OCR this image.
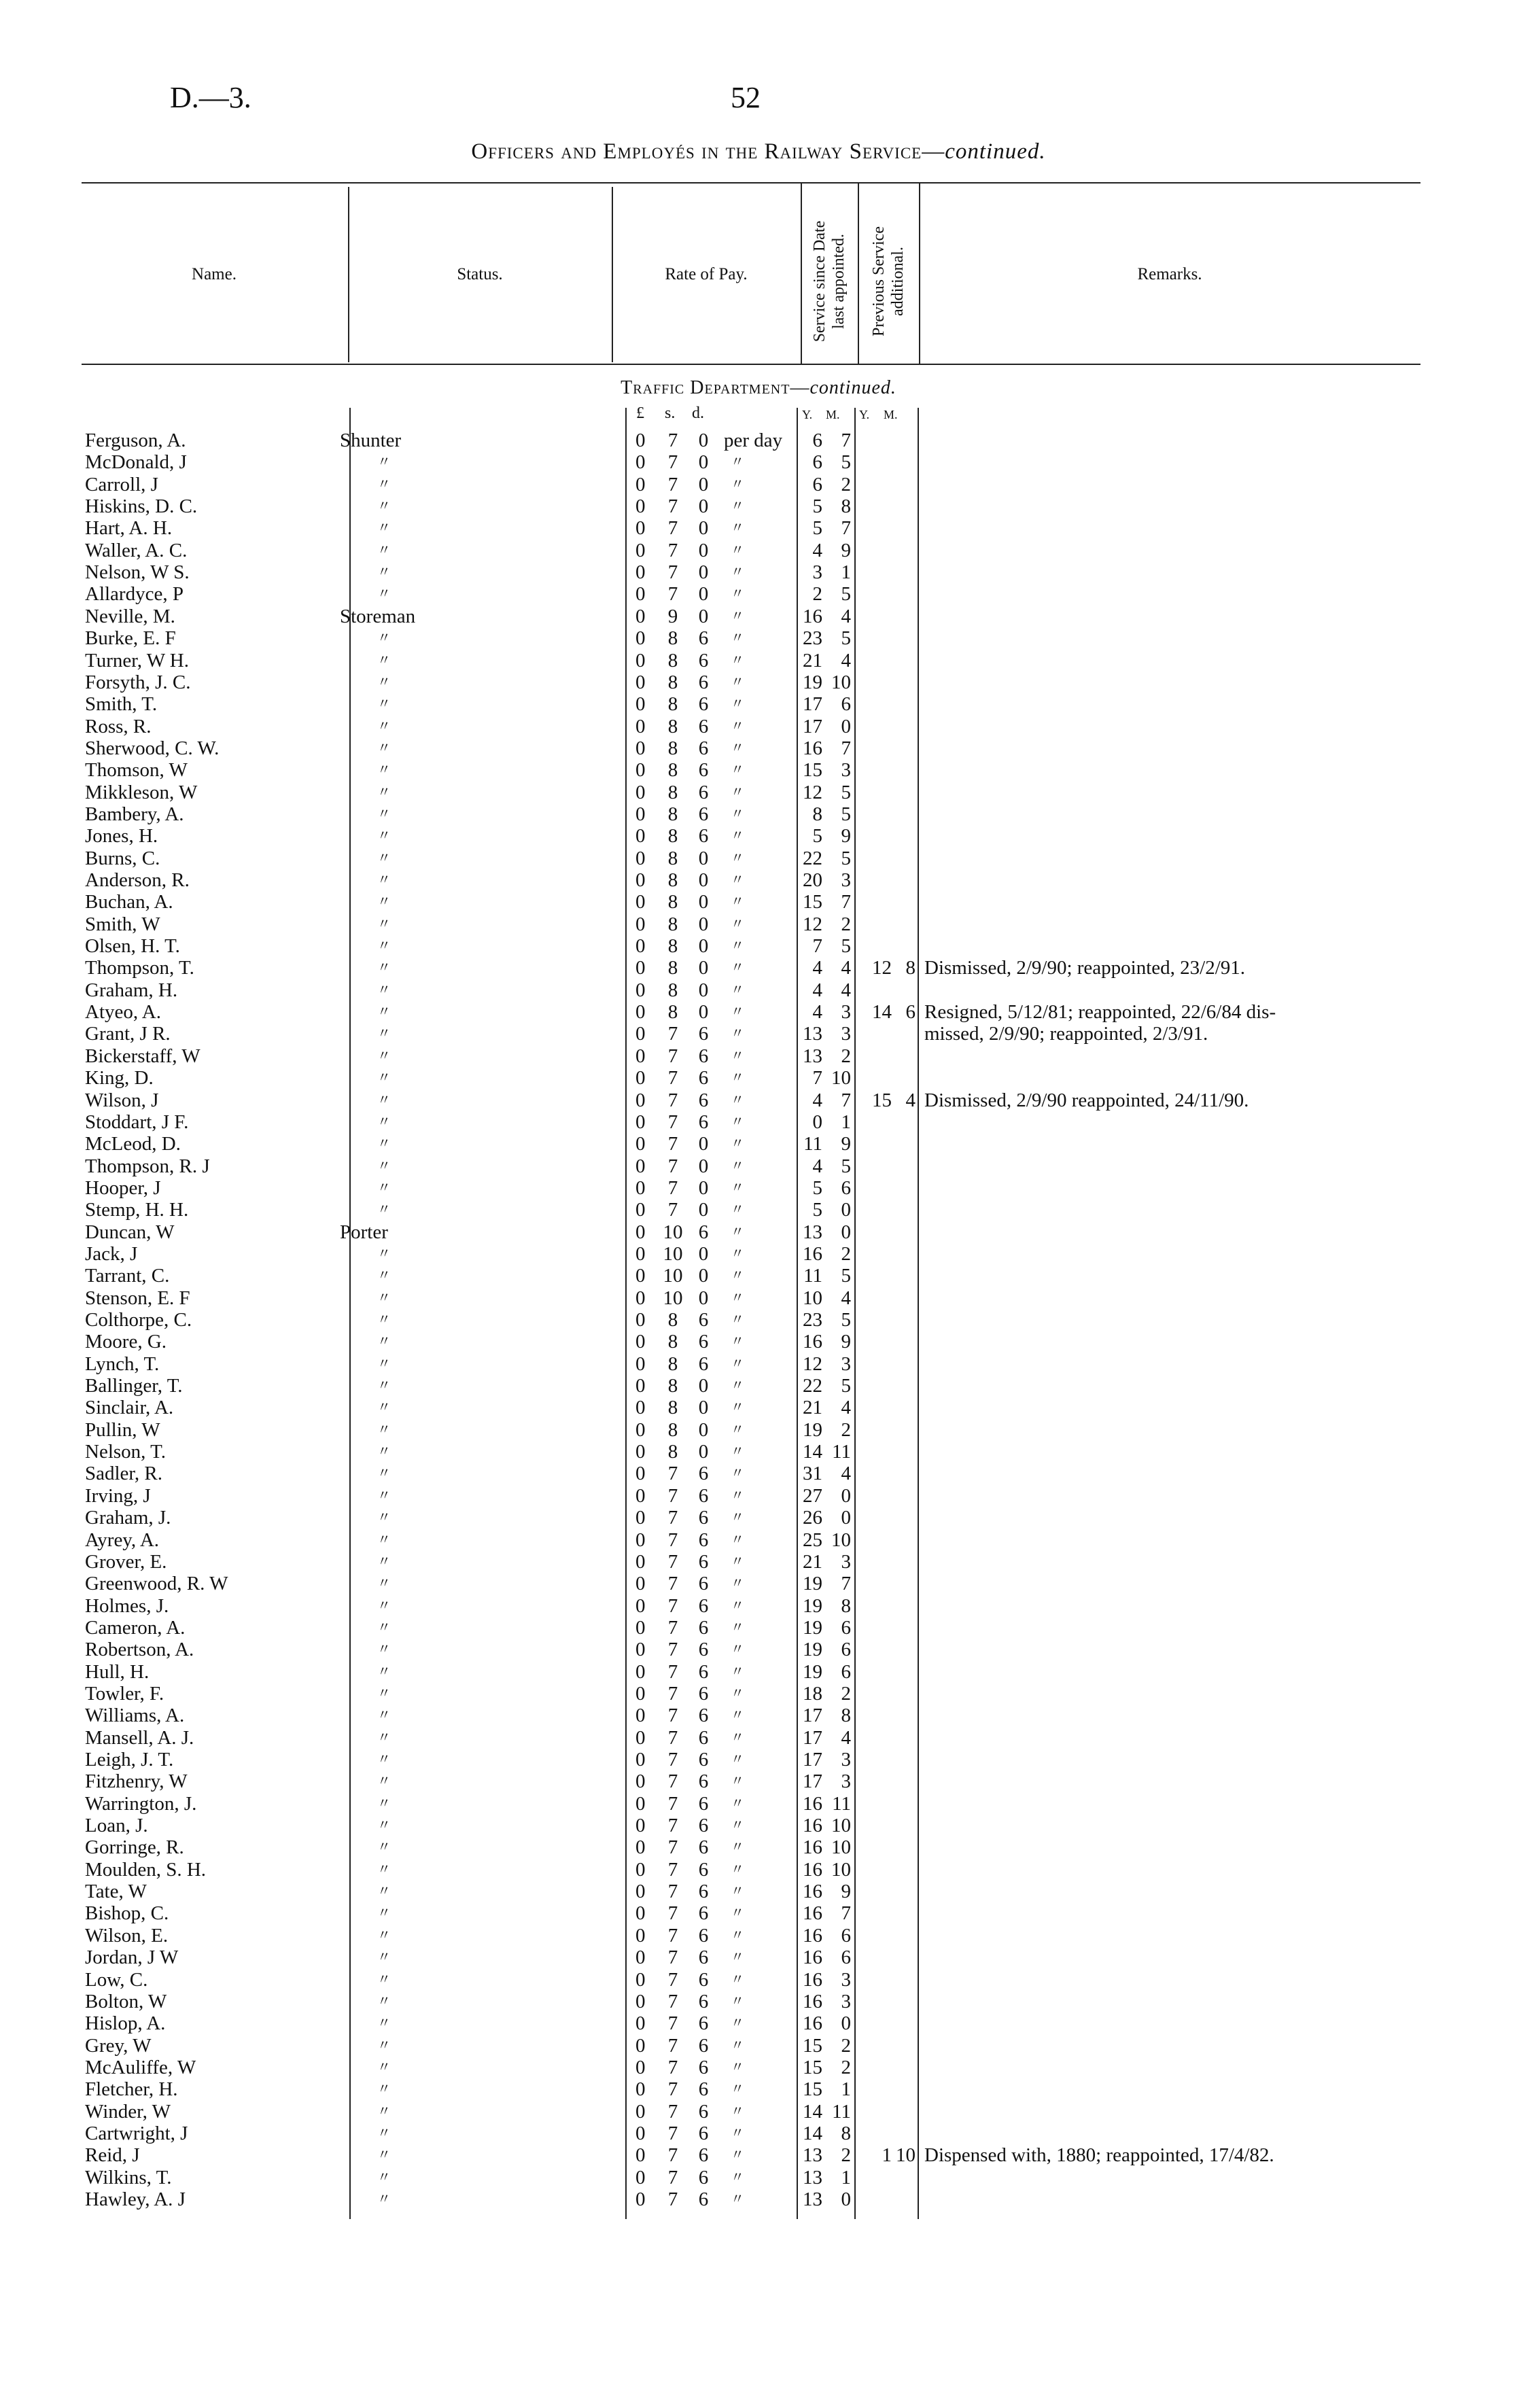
D.—3.	52
Officers and Employés in the Railway Service—continued.
Name.	Status.	Rate of Pay.	Service since Date last appointed. Previous Service additional.	Remarks.
Traffic Department—continued.
£ s. d.	Y. M. Y. M.
Ferguson, A.	Shunter	0 7 0 per day	6 7
McDonald, J	〃	0 7 0	〃	6 5
Carroll, J	〃	0 7 0	〃	6 2
Hiskins, D. C.	〃	0 7 0	〃	5 8
Hart, A. H.	〃	0 7 0	〃	5 7
Waller, A. C.	〃	0 7 0	〃	4 9
Nelson, W S.	〃	0 7 0	〃	3 1
Allardyce, P	〃	0 7 0	〃	2 5
Neville, M.	Storeman	0 9 0	〃	16 4
Burke, E. F	〃	0 8 6	〃	23 5
Turner, W H.	〃	0 8 6	〃	21 4
Forsyth, J. C.	〃	0 8 6	〃	19 10
Smith, T.	〃	0 8 6	〃	17 6
Ross, R.	〃	0 8 6	〃	17 0
Sherwood, C. W.	〃	0 8 6	〃	16 7
Thomson, W	〃	0 8 6	〃	15 3
Mikkleson, W	〃	0 8 6	〃	12 5
Bambery, A.	〃	0 8 6	〃	8 5
Jones, H.	〃	0 8 6	〃	5 9
Burns, C.	〃	0 8 0	〃	22 5
Anderson, R.	〃	0 8 0	〃	20 3
Buchan, A.	〃	0 8 0	〃	15 7
Smith, W	〃	0 8 0	〃	12 2
Olsen, H. T.	〃	0 8 0	〃	7 5
Thompson, T.	〃	0 8 0	〃	4 4	12 8 Dismissed, 2/9/90; reappointed, 23/2/91.
Graham, H.	〃	0 8 0	〃	4 4
Atyeo, A.	〃	0 8 0	〃	4 3	14 6 Resigned, 5/12/81; reappointed, 22/6/84 dis-
Grant, J R.	〃	0 7 6	〃	13 3	missed, 2/9/90; reappointed, 2/3/91.
Bickerstaff, W	〃	0 7 6	〃	13 2
King, D.	〃	0 7 6	〃	7 10
Wilson, J	〃	0 7 6	〃	4 7	15 4 Dismissed, 2/9/90 reappointed, 24/11/90.
Stoddart, J F.	〃	0 7 6	〃	0 1
McLeod, D.	〃	0 7 0	〃	11 9
Thompson, R. J	〃	0 7 0	〃	4 5
Hooper, J	〃	0 7 0	〃	5 6
Stemp, H. H.	〃	0 7 0	〃	5 0
Duncan, W	Porter	0 10 6	〃	13 0
Jack, J	〃	0 10 0	〃	16 2
Tarrant, C.	〃	0 10 0	〃	11 5
Stenson, E. F	〃	0 10 0	〃	10 4
Colthorpe, C.	〃	0 8 6	〃	23 5
Moore, G.	〃	0 8 6	〃	16 9
Lynch, T.	〃	0 8 6	〃	12 3
Ballinger, T.	〃	0 8 0	〃	22 5
Sinclair, A.	〃	0 8 0	〃	21 4
Pullin, W	〃	0 8 0	〃	19 2
Nelson, T.	〃	0 8 0	〃	14 11
Sadler, R.	〃	0 7 6	〃	31 4
Irving, J	〃	0 7 6	〃	27 0
Graham, J.	〃	0 7 6	〃	26 0
Ayrey, A.	〃	0 7 6	〃	25 10
Grover, E.	〃	0 7 6	〃	21 3
Greenwood, R. W	〃	0 7 6	〃	19 7
Holmes, J.	〃	0 7 6	〃	19 8
Cameron, A.	〃	0 7 6	〃	19 6
Robertson, A.	〃	0 7 6	〃	19 6
Hull, H.	〃	0 7 6	〃	19 6
Towler, F.	〃	0 7 6	〃	18 2
Williams, A.	〃	0 7 6	〃	17 8
Mansell, A. J.	〃	0 7 6	〃	17 4
Leigh, J. T.	〃	0 7 6	〃	17 3
Fitzhenry, W	〃	0 7 6	〃	17 3
Warrington, J.	〃	0 7 6	〃	16 11
Loan, J.	〃	0 7 6	〃	16 10
Gorringe, R.	〃	0 7 6	〃	16 10
Moulden, S. H.	〃	0 7 6	〃	16 10
Tate, W	〃	0 7 6	〃	16 9
Bishop, C.	〃	0 7 6	〃	16 7
Wilson, E.	〃	0 7 6	〃	16 6
Jordan, J W	〃	0 7 6	〃	16 6
Low, C.	〃	0 7 6	〃	16 3
Bolton, W	〃	0 7 6	〃	16 3
Hislop, A.	〃	0 7 6	〃	16 0
Grey, W	〃	0 7 6	〃	15 2
McAuliffe, W	〃	0 7 6	〃	15 2
Fletcher, H.	〃	0 7 6	〃	15 1
Winder, W	〃	0 7 6	〃	14 11
Cartwright, J	〃	0 7 6	〃	14 8
Reid, J	〃	0 7 6	〃	13 2	1 10 Dispensed with, 1880; reappointed, 17/4/82.
Wilkins, T.	〃	0 7 6	〃	13 1
Hawley, A. J	〃	0 7 6	〃	13 0
